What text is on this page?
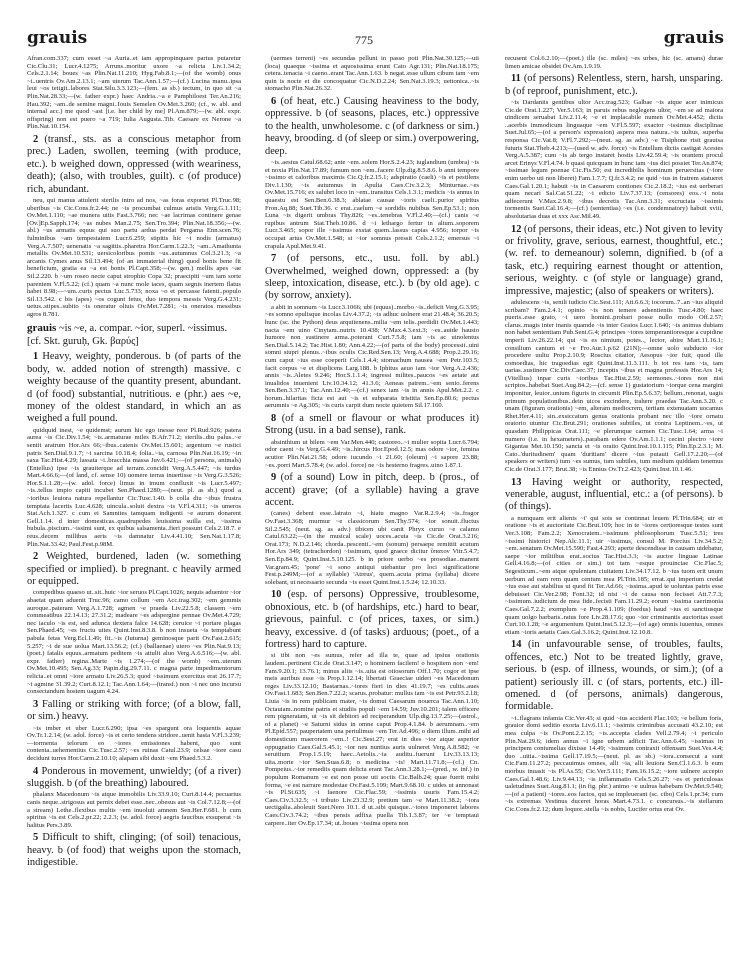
grauis	775	grauis

Afran.com.337; cum esset ~a Auria..et iam appropinquare partus putaretur Cic.Clu.31; Lucr.4.1275; Arruns..moritur uxore ~a relicta Liv.1.34.2; Cels.2.1.14; boues ~as Plin.Nat.11.210; Hyg.Fab.8.1;—(of the womb) onus ~i..uentris Ov.Am.2.13.1; ~am uterum Tac.Ann.1.57;—(cf.) Lucina manu..ipsa leui ~os tetigit..labores Stat.Silu.3.3.123;—(fem. as sb.) tectum, in quo sit ~a Plin.Nat.28.33;—(w. father expr.) haec Andria..~a e Pamphiloest Ter.An.216; Hau.392; ~am..de semine magni..Iouis Semelen Ov.Met.3.260; (cf., w. abl. and internal acc.) me quod ~ast [i.e. her child by me] Pl.Am.879;—(w. abl. expr. offspring) non est puero ~a 719; Iulia Augusta..Tib. Caesare ex Nerone ~a Plin.Nat.10.154.

2 (transf., sts. as a conscious metaphor from prec.) Laden, swollen, teeming (with produce, etc.). b weighed down, oppressed (with weariness, death); (also, with troubles, guilt). c (of produce) rich, abundant.

neu, qui manus attulerit sterilis intro ad nos, ~as foras exportet Pl.Truc.98; uberibus ~is Cic.Cons.fr.2.44; ne ~is procumbat culmus aristis Verg.G.1.111; Ov.Met.1.110; ~ae munera uitis Fast.3.766; nec ~ae lacrimas continere genae [Ov.]Ep.Sapph.174; ~as nubes Man.2.75; Sen.Tro.394; Plin.Nat.18.356;—(w. abl.) ~us armatis equus qui suo partu ardua perdat Pergama Enn.scen.76; fulminibus ~am tempestatem Lucr.6.259; stipitis hic ~i nodis (armatus) Verg.A.7.507; uenenatis ~a sagittis..pharetra Hor.Carm.1.22.3; ~am..Amathunta metallis Ov.Met.10.531; uersicoloribus pomis ~us..autumnus Col.3.21.3; ~a arcanis Cymes anus Sil.13.494; (of an immaterial thing) quod bonis bene fit beneficium, gratia ea ~a est bonis Pl.Capt.358;—(w. gen.) mellis apes ~ae Sil.2.220. b ~um roseo necte caput strophio Copa 32; praecipiti ~um iam sorte parentem V.Fl.5.22; (cf.) quam ~a nunc mole iaces, quam segnis inertem flatus habet 8.98;—~um..curis pectus Luc.5.733; noxa ~o et percasse fatenti..populo Sil.13.542. c bis (apes) ~os cogunt fetus, duo tempora messis Verg.G.4.231; uetus..stipes..subito ~is oneratur oliuis Ov.Met.7.281; ~is oneratos messibus agros 8.781.

grauis ~is ~e, a. compar. ~ior, superl. ~issimus. [cf. Skt. guruḥ, Gk. βαρύς]

1 Heavy, weighty, ponderous. b (of parts of the body, w. added notion of strength) massive. c weighty because of the quantity present, abundant. d (of food) substantial, nutritious. e (phr.) aes ~e, money of the oldest standard, in which an as weighed a full pound.

quidquid inest, ~e quidemst; aurum hic ego inesse reor Pl.Rud.926; patera aurea ~is Cic.Div.1.54; ~is..armaturae miles B.Afr.71.2; sterilis..diu palus..~e sentit aratrum Hor.Ars 66;~ibus..catenis Ov.Met.15.601; argentum ~e rustici patris Sen.Dial.9.1.7; ~i sarcina 10.18.4; folia..~ia, carnosa Plin.Nat.16.19; ~in saxa Tac.Hist.4.29; lassata ~i..bracchia massa Juv.6.421;—(of persons, animals) (Entellus) ipse ~is grauiterque ad terram..concidit Verg.A.5.447; ~is turdus Mart.4.66.6;—(of land, cf. sense 10) uomere terras inuertisse ~is Verg.G.3.526; Hor.S.1.1.28;—(w. adol. force) limus in imum confluxit ~is Lucr.5.497; ~is..tellus impio capiti incubet Sen.Phaed.1280;—(neut. pl. as sb.) quod a ~ioribus leuiora natura repellantur Cic.Tusc.1.40. b colla diu ~ibus frustra temptata lacertis Luc.4.628; uincula..soluit dextra ~is V.Fl.4.311; ~is umeros Stat.Ach.1.327. c cum ei Samnites tamquam indigenti ~e aurum donarent Gell.1.14. d inter domesticas..quadrupedes leuissima suilla est, ~issima bubula..piscium..~issimi sunt, ex quibus salsamenta..fieri possunt Cels.2.18.7. e reus..decem millibus aeris ~is damnatur Liv.4.41.10; Sen.Nat.1.17.8; Plin.Nat.33.42; Paul.Fest.p.98M.

2 Weighted, burdened, laden (w. something specified or implied). b pregnant. c heavily armed or equipped.

compedibus quaeso ut..sit..huic ~ior seruos Pl.Capt.1026; nequis aduentor ~ior abaetat quam aduenit Truc.96; camo collum ~em Acc.trag.302; ~em gemmis auroque..pateram Verg.A.1.728; agmen ~e praeda Liv.22.5.8; classem ~em commeatibus 22.14.13; 27.31.2; madeare ~es adspergine pennae Ov.Met.4.729; nec iaculo ~is est, sed adunca dextera falce 14.628; ceruice ~i portare plagas Sen.Phaed.45; ~es fructu uites Quint.Inst.8.3.8. b non insueta ~is temptabunt pabula fetas Verg.Ecl.1.49; fit..~is (Iuturna) geminosque parit Ov.Fast.2.615; 5.257; ~i de sue uolua Mart.13.56.2; (cf.) (ballaenae) utero ~es Plin.Nat.9.13; (poet.) fatalis equus..armatum peditem ~is attulit aluo Verg.A.6.516;—(w. abl. expr. father) regina..Marte ~is 1.274;—(of the womb) ~em..uterum Ov.Met.10.495; Sen.Ag.33; Papin.dig.29.7.11. c magna parte impedimentorum relicta..et omni ~iore armatu Liv.26.5.3; quod ~issimum exercitus erat 26.17.7; ~i agmine 31.39.2; Curt.8.12.1; Tac.Ann.1.64;—(transf.) non ~i nec uno incursu consectandum hostem uagum 4.24.

3 Falling or striking with force; (of a blow, fall, or sim.) heavy.

~is imber et uber Lucr.6.290; ipsa ~es spargunt ora loquentis aquae Ov.Tr.1.2.14; (w. adol. force) ~is et certo tendens stridore..uenit hasta V.Fl.3.239;—tormenta telorum eo ~iores emissiones habent, quo sunt contenta..uehementius Cic.Tusc.2.57; ~es ruinas Catul.23.9; celsae ~iore casu decidunt turres Hor.Carm.2.10.10; alapam sibi duxit ~em Phaed.5.3.2.

4 Ponderous in movement, unwieldy; (of a river) sluggish. b (of the breathing) laboured.

phalanx Macedonum ~is atque immobilis Liv.33.9.10; Curt.8.14.4; pecuarius canis neque..strigosus aut pernix debet esse..nec..obesus aut ~is Col.7.12.8;—(of a stream) Lethe..flexibus multis ~em inuoluit amnem Sen.Her.F.681. b cum spiritus ~is est Cels.2.pr.22; 2.2.3; (w. adol. force) aegris faucibus exsuperat ~is halitus Pers.3.89.

5 Difficult to shift, clinging; (of soil) tenacious, heavy. b (of food) that weighs upon the stomach, indigestible.

(uermes terreni) ~es secundas pellunt in passo poti Plin.Nat.30.125;—uti (loca) quaeque ~issima et aquosissima erunt Cato Agr.131; Plin.Nat.18.175; cetera..tenacia ~i caeno..erant Tac.Ann.1.63. b negat..esse ullum cibum tam ~em quin is nocte et die concoquatur Cic.N.D.2.24; Sen.Nat.3.19.3; uettonica..~is stomacho Plin.Nat.26.32.

6 (of heat, etc.) Causing heaviness to the body, oppressive. b (of seasons, places, etc.) oppressive to the health, unwholesome. c (of darkness or sim.) heavy, brooding. d (of sleep or sim.) overpowering, deep.

~is..aestus Catul.68.62; ante ~em..solem Hor.S.2.4.23; iuglandium (umbra) ~is et noxia Plin.Nat.17.89; fumum non ~em..facere Ulp.dig.8.5.8.6. b anni tempore ~issimo et caloribus maximis Cic.Q.fr.2.15.1; adspiratio (caeli) ~is et pestilens Div.1.130; ~is autumnus in Apulia Caes.Civ.3.2.3; Minturnae..~es Ov.Met.15.716; ex salubri loco in ~em..transitus Cels.1.3.1; medicis ~is annus in quaestu est Sen.Ben.6.38.3; ablatae causae ~ioris caeli..purior spiritus Fron.Aq.88; Suet.Tib.36. c erat..caelum ~e sordidis nubibus Sen.Ep.53.1; non Luna ~is digerit umbras Thy.826; ~es..tenebras V.Fl.2.40;—(cf.) canis ~e rupibus antrum Stat.Theb.10.86. d ~i lethargo fertur in altum..soporem Lucr.3.465; sopor ille ~issimus exstat quem..lassus capias 4.956; torpor ~is occupat artus Ov.Met.1.548; si ~ior somnus pressit Cels.2.1.2; emersus ~i crapula Apul.Met.9.41.

7 (of persons, etc., usu. foll. by abl.) Overwhelmed, weighed down, oppressed: a (by sleep, intoxication, disease, etc.). b (by old age). c (by sorrow, anxiety).

a abit in somnum ~is Lucr.3.1066; ubi (equus)..morbo ~is..deficit Verg.G.3.95; ~es somno epulisque incolas Liv.4.37.2; ~is adhuc uolnere erat 21.48.4; 36.20.5; hunc (sc. the Python) deus arquitenens..milia ~em telis..perdidit Ov.Met.1.443; nacta ~em uino Cinytam..nutrix 10.438; V.Max.4.3.ext.3; ~es..auide hausto humore non sustinere arma..poterant Curt.7.5.8; iam ~is ac uinolentus Sen.Dial.5.14.2; Tac.Hist.1.80; Ann.4.22;—(of parts of the body) processit..uini somni stupri plenus..~ibus oculis Cic.Red.Sen.13; Verg.A.4.688; Prop.2.29.16; cum caput ~ius esse coeperit Cels.1.4.4; stomachum nausea ~em Petr.103.5; facit corpus ~e et displicens Larg.188. b Iphitus aeuo iam ~ior Verg.A.2.436; annis ~is..Aletes 9.246; Hor.S.1.1.4; ingressi milites..paucos ~es aetate aut inualidos inuenient Liv.10.34.12; 41.3.6; Aeneas patrem..~em senio..ferens Sen.Ben.3.37.1; Tac.Ann.12.40;—(cf.) senex iam ~is in annis Apul.Met.2.2. c horum..hilaritas ficta est aut ~is et subparata tristitia Sen.Ep.80.6; pectus aerumnis ~e Ag.305; ~is curis carpit dum nocte quietem Sil.17.160.

8 (of a smell or flavour or what produces it) Strong (usu. in a bad sense), rank.

absinthium ut bilem ~em Var.Men.440; castoreo..~i mulier sopita Lucr.6.794; odor caeni ~is Verg.G.4.49; ~is..hircus Hor.Epod.12.5; mas odore ~ior, femina acutior Plin.Nat.21.58; odore iucundo ~i 21.60; (oleum) ~i sapore 23.88; ~es..porri Mart.5.78.4; (w. adol. force) ne ~is hesterno fragres..uino 1.87.1.

9 (of a sound) Low in pitch, deep. b (pros., of accent) grave; (of a syllable) having a grave accent.

(canes) debent esse..latrato ~i, hiatu magno Var.R.2.9.4; ~is..fragor Ov.Fast.3.368; murmur ~e classicorum Sen.Thy.574; ~ior sonuit..fluctus Sil.2.545; (neut. sg. as adv.) tibicen ubi canit Phryx curuo ~e calamo Catul.63.22;—(in the musical scale) uoces..acuta ~is Cic.de Orat.3.216; Orat.173; N.D.2.146; chorda..pescenti..~em (sonum) persaepe remittit acutum Hor.Ars 349; (tetrachordon) ~issimum, quod graece dicitur ὕπατον Vitr.5.4.7; Sen.Ep.84.9; Quint.Inst.5.10.125. b in priore uerbo ~es prosodiae..manent Var.gram.45; 'pone' ~i sono antiqui utebantur pro loci significatione Fest.p.249M;—(of a syllable) 'Atreus', quem..acuta prima (syllaba) dicere solebant, ut necessario secunda ~is esset Quint.Inst.1.5.24; 12.10.33.

10 (esp. of persons) Oppressive, troublesome, obnoxious, etc. b (of hardships, etc.) hard to bear, grievous, painful. c (of prices, taxes, or sim.) heavy, excessive. d (of tasks) arduous; (poet., of a fortress) hard to capture.

si tibi non ~es sumus, refer ad illa te, quae ad ipsius orationis laudem..pertinent Cic.de Orat.3.147; o hominem facilem! o hospitem non ~em! Fam.9.20.1; 13.76.1; minus aliis ~is..uita est otiosorum Off.1.70; cogor et ipse meis auribus esse ~is Prop.1.12.14; libertati Graeciae uideri ~es Macedonum reges Liv.33.12.10; Bastarnas..~iores fieri in dies 41.19.7; ~es cultis..aues Ov.Fast.1.683; Sen.Ben.7.22.2; scarus..probatur: mullus iam ~is est Petr.93.2.l.8; Liuia ~is in rem publicam mater, ~is domui Caesarum nouerca Tac.Ann.1.10; Octauiam..nomine patris et studiis populi ~em 14.59; Juv.10.201; talem efficere rem pigneratam, ut ~is sit debitori ad reciperandum Ulp.dig.13.7.25;—(astrol., of a planet) ~e Saturni sidus in omne caput Prop.4.1.84. b aerumnam..~em Pl.Epid.557; paupertatem una pertulimus ~em Ter.Ad.496; o diem illum..mihi ad domesticum maerorem ~em..! Cic.Sest.27; erat in dies ~ior atque asperior oppugnatio Caes.Gal.5.45.1; ~ior neu nuntius auris uulneret Verg.A.8.582; ~e seruitium Prop.1.5.19; haec..Aetolis..~ia auditu..fuerunt Liv.33.13.13; uita..morte ~ior Sen.Suas.6.8; o medicina ~is! Mart.11.71.8;—(cf.) Cn. Pompeius..~ior remediis quam delicta erant Tac.Ann.3.28.1;—(pred., w. inf.) in populum Romanum ~e est non posse uti sociis Cic.Balb.24; quae fuerit mihi forma, ~e est narrare modestae Ov.Fast.5.199; Mart.9.68.10. c uides ut annonast ~is Pl.St.635; ~i faenore Cic.Flac.59; ~issimis usuris Fam.15.4.2; Caes.Civ.3.32.5; ~i tributo Liv.23.32.9; pretium tam ~e Mart.11.38.2; ~iora uectigalia..aboleuit Suet.Nero 10.1. d ut..sibi quisque..~iores imponeret labores Caes.Civ.3.74.2; ~ibus pensis adfixa puella Tib.1.3.87; ter ~e temptaui carpere..iter Ov.Ep.17.34; ut..boues ~issima opera non

recusent Col.6.2.10;—(poet.) ille (sc. miles) ~es urbes, hic (sc. amans) durae limen amicae obsidet Ov.Am.1.9.19.

11 (of persons) Relentless, stern, harsh, unsparing. b (of reproof, punishment, etc.).

~is Dardaniis gentibus ultor Acc.trag.523; Galbae ~is atque acer inimicus Cic.de Orat.1.227; Ver.5.163; in paruis rebus neglegens ultor, ~em se ad maiora uindicem seruabat Liv.2.11.4; ~e et implacabile numen Ov.Met.4.452; dictis ..acerbis immodicum linguaque ~em V.Fl.5.597; exactor ~issimus disciplinae Suet.Jul.65;—(of a person's expression) aspera mea natura..~is uultus, superba responsa Cic.Vat.8; V.Fl.7.292;—(neut. sg. as adv.) ~e Tisiphone risit grauisa futuris Stat.Theb.4.213;—(used w. adv. force) ~is Entellum dictis castigat Acestes Verg.A.5.387; cum ~is ab tergo instaret hostis Liv.42.59.4; ~is orantem procul arcet Erinys V.Fl.4.74. b quasi quicquam in hunc iam ~ius dici possiet Ter.An.874; ~issimae legum poenae Cic.Fis.50; est incredibilis hominum peruersitas (~iore enim uerbo uti non liberet) Fam.1.7.7; Q.fr.3.4.2; ne quid ~ius in fratrem statueret Caes.Gal.1.20.1; habuit ~is in Caesarem contiones Cic.2.18.2; ~ius est uerberari quam necari Sal.Cat.51.22; ~i edicto Liv.7.37.13; (censores) eos..~i nota adfecerunt V.Max.2.9.8; ~ibus decretis Tac.Ann.3.31; excruciata ~issimis tormentis Suet.Cal.16.4;—(cf.) (sententias) ~es (i.e. condemnatory) habuit xviii, absolutarias duas et xxx Asc.Mil.49.

12 (of persons, their ideas, etc.) Not given to levity or frivolity, grave, serious, earnest, thoughtful, etc.; (w. ref. to demeanour) solemn, dignified. b (of a task, etc.) requiring earnest thought or attention, serious, weighty. c (of style or language) grand, impressive, majestic; (also of speakers or writers).

adulescens ~is, senili iudicio Cic.Sest.111; Att.6.6.3; iocorum..7..an ~ius aliquid scribam? Fam.2.4.1; opinio ~is non temere adsentientis Tusc.4.80; haec pueris..esse grato, ~i uero homini..probari posse nullo modo Off.2.57; clarus..magis inter inanis quamde ~is inter Graios Lucr.1.640; ~is animus dubiam non habet sententiam Pub.Sent.G.4; principes ~iores temperantioresque a cupidine imperii Liv.26.22.14; qui ~is es nimium, potes.., lector, abire Mart.11.16.1; consilium cantum et ~e Fro.Aur.1.p.62 (21N);—omne uolo subducto ~ior procedere uultu Prop.2.10.9; Roscius citatior, Aesopus ~ior fuit, quod ille comoedias, hic tragoedias egit Quint.Inst.11.3.111. b tot res tam ~is, tam uarias..sustinere Cic.Div.Caec.37; inceptis ~ibus et magna professis Hor.Ars 14; (Vitellius) inpar curis ~ioribus Tac.Hist.2.59; sermones..~iores non nisi scriptos..habebat Suet.Aug.84.2;—(cf. sense 1) gustatorium ~iorque cena margini imponitur, leuior..unium figuris in circumit Plin.Ep.5.6.37; bellum..renonat, uagis primum populationibus..dein uicos excindere, trahere praedas Tac.Ann.3.20. c unam (figuram orationis) ~em, alteram mediocrem, tertiam extenuatam uocamus Rhet.Her.4.11; sin..exsiccatum genus orationis probant nec illo ~iore ornatu oratorio utuntur Cic.Brut.291; orationes subtiles, ut contra Leptinem..~es, ut quasdam Philippicas Orat.111; ~e plerumque carmen Cic.Tusc.1.64; arma ~i numero (i.e. in hexameters)..parabam edere Ov.Am.1.1.1; cecini plectro ~iore Gigantas Met.10.150; sancta et ~is oratio Quint.Inst.10.1.115; Plin.Ep.2.3.1; M. Cato..'duritudinem' quam 'duritiam' dicere ~ius putauit Gell.17.2.20;—(of speakers or writers) tum ~es sumus, tum subtiles, tum medium quiddam tenemus Cic.de Orat.3.177; Brut.38; ~is Ennius Ov.Tr.2.423; Quint.Inst.10.1.46.

13 Having weight or authority, respected, venerable, august, influential, etc.: a (of persons). b (of things).

a numquam erit alienis ~i' qui sois se continnat leuem Pl.Trin.684; uir et oratione ~is et auctoritate Cic.Brut.109; hoc in te ~iores certioresque testes sunt Ver.3.108; Fam.2.2; Xenocratem..~issimum philosophorum Tusc.5.51; tres ~issimi historici Nep.Alc.11.1; uir ~issimus, consul M. Porcius Liv.34.5.2; ~em..senatum Ov.Met.15.590; Fast.4.293; aperte descendisse in causam uidebatur, saepe ~ior militibus erat..socius Tac.Hist.3.3; ~is auctor linguae Latinae Gell.4.16.8;—(of cities or sim.) tot tam ~esque prouinciae Cic.Flac.5; Segesticum..~em atque opulentam ciuitatem Liv.34.17.12. b ~ius tuom erit unum uerbum ad eam rem quam centum mea Pl.Trin.185; errat..qui imperium credat ~ius esse aut stabilius ui quod fit Ter.Ad.66; ~issima..apud te uoluntas patris esse debuisset Cic.Ver.2.98; Font.32; id nisi ~i de causa non fecisset Att.7.7.3; ~issimum..iudicium de mea fide..fecisti Fam.11.29.2; eorum ~issima caerimonia Caes.Gal.7.2.2; exemplum ~e Prop.4.1.109; (foedus) haud ~ius ei sanctiusque quam uolgo barbaris..ratus fore Liv.28.17.6; quo ~ior criminantis auctoritas esset Curt.10.1.28; ~e argumentum Quint.Inst.5.12.3;—(of age) omnis iuuentus, omnes etiam ~ioris aetatis Caes.Gal.3.16.2; Quint.Inst.12.10.8.

14 (in unfavourable sense, of troubles, faults, offences, etc.) Not to be treated lightly, grave, serious. b (esp. of illness, wounds, or sim.); (of a patient) seriously ill. c (of stars, portents, etc.) ill-omened. d (of persons, animals) dangerous, formidable.

~i..flagrans infamia Cic.Ver.43; si quid ~ius acciderit Flac.103; ~e bellum foris, grauior domi seditio exorta Liv.6.11.1; ~issimis criminibus accusati 43.2.10; est mea culpa ~is Ov.Pont.2.2.15; ~is..accepta clades Vell.2.79.4; ~i periculo Plin.Nat.29.6; idem annus ~i igne urbem adficit Tac.Ann.6.45; ~issimas in principem contumelias dixisse 14.49; ~issimum contraxit offensam Suet.Ves.4.4; duo ..uitia..~issima Gell.17.19.5;—(neut. pl. as sb.) ~iora..consecut a sunt Cic.Fam.11.27.2; peccauimus omnes, alli ~ia, alli leuiora Sen.Cl.1.6.3. b eum morbus inuasit ~is Pl.As.55; Cic.Ver.5.111; Fam.16.15.2; ~iore uulnere accepto Caes.Gal.1.48.6; Liv.9.44.13; ~is inflammatio Cels.5.26.27; ~es et periculosas ualetudines Suet.Aug.81.1; (in fig. phr.) animo ~e uulnus habebam Ov.Met.9.540;—(of a patient) ~iores..eos factos, qui se impleuerant (sc. cibo) Cels.1.pr.34; cum ~is extremas Vestinus duceret horas Mart.4.73.1. c concursus..~is stellarum Cic.Cons.fr.2.12; dum loquor..stella ~is nobis, Lucifer ortus erat Ov.
